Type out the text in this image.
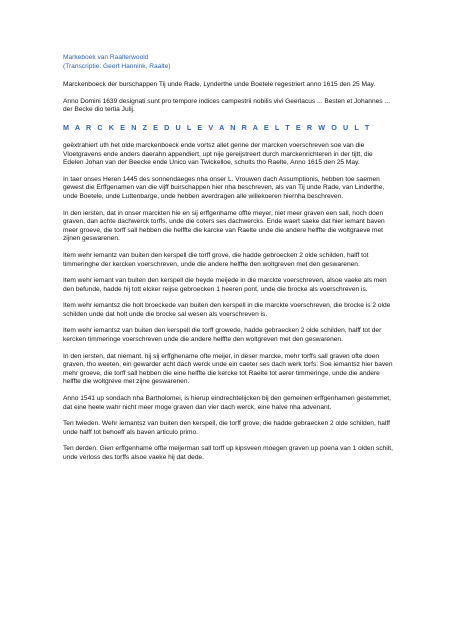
Markeboek van Raalterwoold
(Transcriptie: Geert Hannink, Raalte)

Marckenboeck der burschappen Tij unde Rade, Lynderthe unde Boetele regestriert anno 1615 den 25 May.

Anno Domini 1639 designati sunt pro tempore indices campestrii nobilis vivi Geerlacus ... Besten et Johannes ... der Becke dio tertia Julij.

M A R C K E N Z E D U L E V A N R A E L T E R W O U L T

geëxtrahiert uth het olde marckenboeck ende vortsz allet genne der marcken voerschreven soe van die Vloetgravens ende anders daerahn appendiert, upt nije gereijstreert durch marckenrichteren in der tijtt, die Edelen Johan van der Beecke ende Unico van Twickelloe, schults tho Raelte, Anno 1615 den 25 May.

In taer onses Heren 1445 des sonnendaeges nha onser L. Vrouwen dach Assumptionis, hebben toe saemen gewest die Erffgenamen van die vijff buirschappen hier nha beschreven, als van Tij unde Rade, van Linderthe, unde Boetele, unde Luttenbarge, unde hebben averdragen alle willekoeren hiernha beschreven.

In den iersten, dat in onser marckten hie en sij erffgenhame offte meyer, niet meer graven een sall, noch doen graven, dan achte dachwerck torffs, unde die coters ses dachwercks. Ende waert saeke dat hier iemant baven meer groeve, die torff sall hebben die helffte die karcke van Raelte unde die andere helffte die woltgraeve met zijnen geswarenen.

Item wehr iemantz van buiten den kerspell die torff grove, die hadde gebroecken 2 olde schilden, halff tot timmeringhe der kercken voerschreven, unde die andere helffte den woltgreven met den geswarenen.

Item wehr iemant van buiten den kerspell die heyde meijede in die marckte voerschreven, alsoe vaeke als men den befunde, hadde hij tott elcker reijse gebroecken 1 heeren pont, unde die brocke als voerschreven is.

Item wehr iemantsz die holt broeckede van buiten den kerspell in die marckte voerschreven, die brocke is 2 olde schilden unde dat holt unde die brocke sal wesen als voerschreven is.

Item wehr iemantsz van buiten den kerspell die torff growede, hadde gebraecken 2 olde schilden, halff tot der kercken timmeringe voerschreven unde die andere helffte den woltgreven met den geswarenen.

In den iersten, dat niemant, hij sij erffghename ofte meijer, in deser marcke, mehr torffs sall graven ofte doen graven, tho weeten, ein gewarder acht dach werck unde ein caeter ses dach werk torfs: Soe iemantsz hier baven mehr groeve, die torff sall hebben die eine helffte die kercke tot Raelte tot aerer timmeringe, unde die andere helffte die woltgreve met zijne geswarenen.

Anno 1541 up sondach nha Bartholomei, is hierup eindrechtelijcken bij den gemeinen erffgenhamen gestemmet, dat eine heele wahr nicht meer moge graven dan vier dach werck, eine halve nha advenant.

Ten twieden. Wehr iemantsz van buiten den kerspell, die torff grove, die hadde gebraecken 2 olde schilden, halff unde halff tot behoeff als baven articulo primo.

Ten derden. Gien erffgenhame offte meijerman sall torff up kipsveen moegen graven up poena van 1 olden schilt, unde verloss des torffs alsoe vaeke hij dat dede.
